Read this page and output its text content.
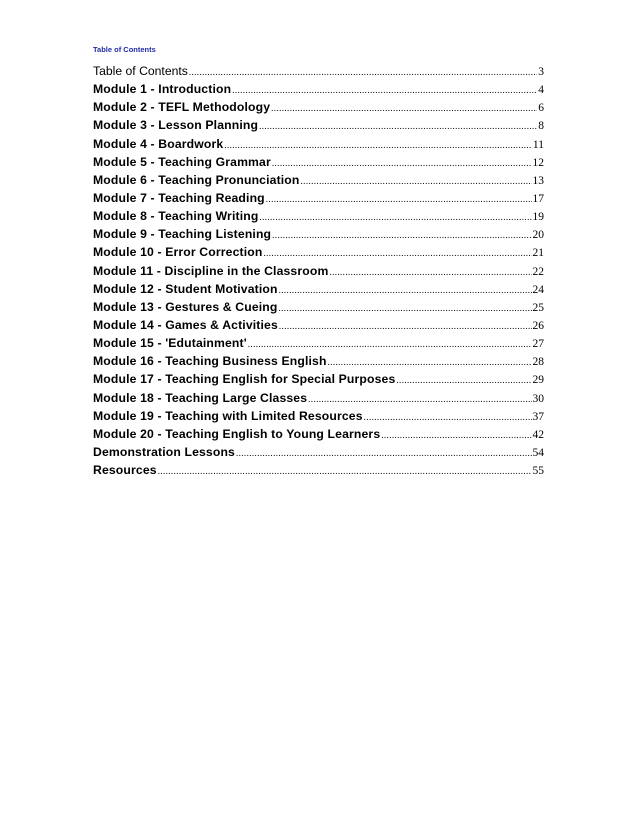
Table of Contents
Table of Contents .....	3
Module 1 - Introduction .....	4
Module 2 - TEFL Methodology .....	6
Module 3 - Lesson Planning .....	8
Module 4 - Boardwork .....	11
Module 5 - Teaching Grammar .....	12
Module 6 - Teaching Pronunciation .....	13
Module 7 - Teaching Reading .....	17
Module 8 - Teaching Writing .....	19
Module 9 - Teaching Listening .....	20
Module 10 - Error Correction .....	21
Module 11 - Discipline in the Classroom .....	22
Module 12 - Student Motivation .....	24
Module 13 - Gestures & Cueing .....	25
Module 14 - Games & Activities .....	26
Module 15 - 'Edutainment' .....	27
Module 16 - Teaching Business English .....	28
Module 17 - Teaching English for Special Purposes .....	29
Module 18 - Teaching Large Classes .....	30
Module 19 - Teaching with Limited Resources .....	37
Module 20 - Teaching English to Young Learners .....	42
Demonstration Lessons .....	54
Resources .....	55
